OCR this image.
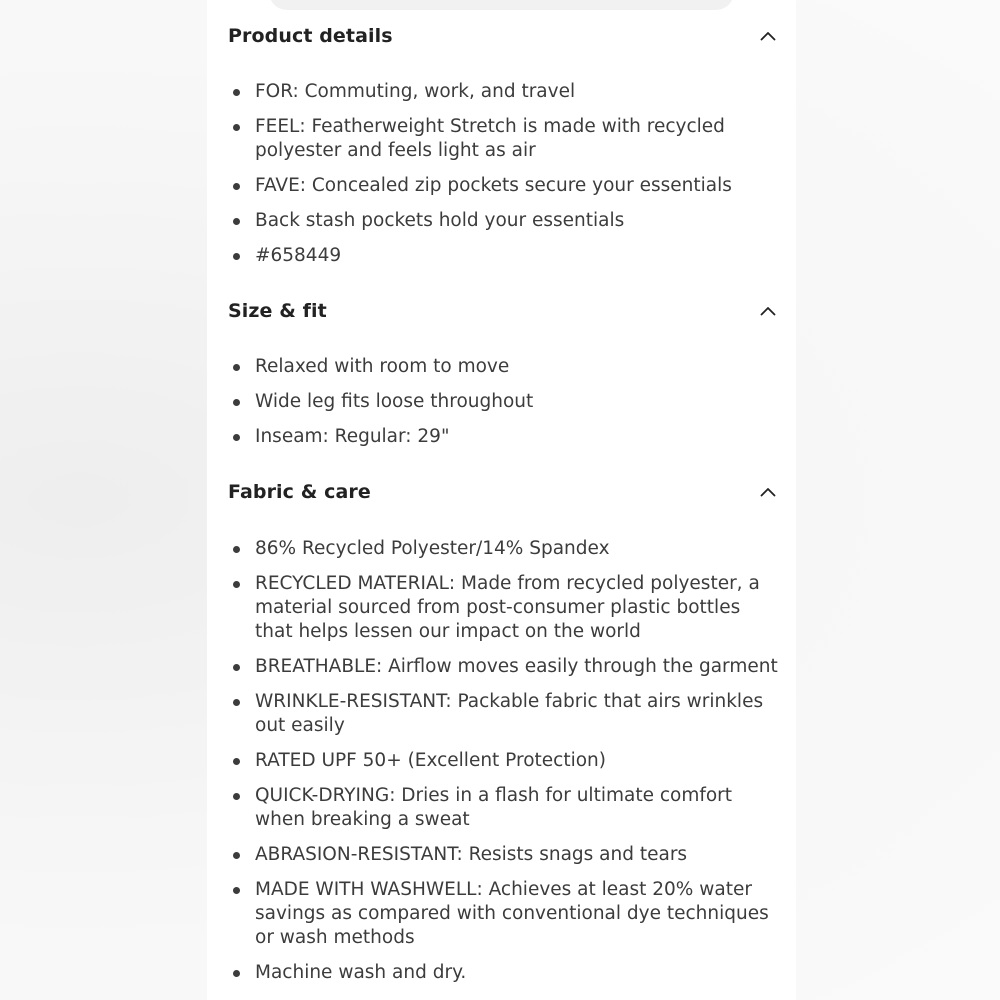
Product details
FOR: Commuting, work, and travel
FEEL: Featherweight Stretch is made with recycled polyester and feels light as air
FAVE: Concealed zip pockets secure your essentials
Back stash pockets hold your essentials
#658449
Size & fit
Relaxed with room to move
Wide leg fits loose throughout
Inseam: Regular: 29"
Fabric & care
86% Recycled Polyester/14% Spandex
RECYCLED MATERIAL: Made from recycled polyester, a material sourced from post-consumer plastic bottles that helps lessen our impact on the world
BREATHABLE: Airflow moves easily through the garment
WRINKLE-RESISTANT: Packable fabric that airs wrinkles out easily
RATED UPF 50+ (Excellent Protection)
QUICK-DRYING: Dries in a flash for ultimate comfort when breaking a sweat
ABRASION-RESISTANT: Resists snags and tears
MADE WITH WASHWELL: Achieves at least 20% water savings as compared with conventional dye techniques or wash methods
Machine wash and dry.
